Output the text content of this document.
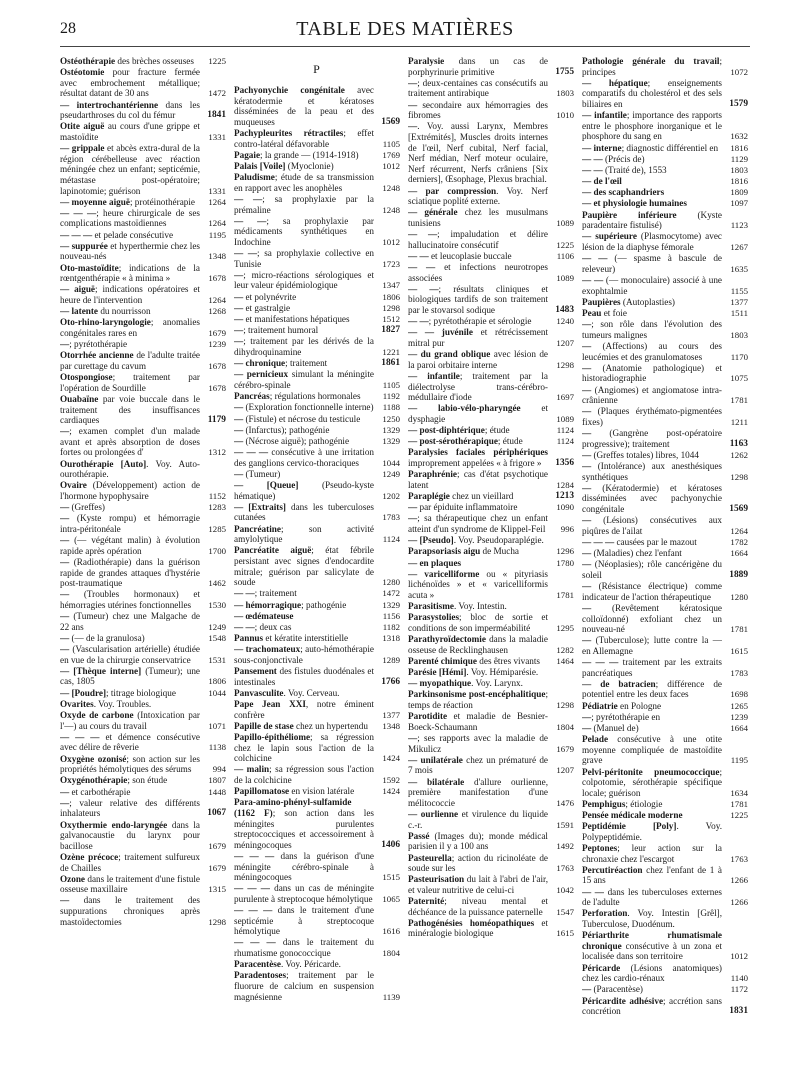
28	TABLE DES MATIÈRES
Ostéothérapie des brèches osseuses 1225
Ostéotomie pour fracture fermée avec embrochement métallique; résultat datant de 30 ans	1472
— intertrochantérienne dans les pseudarthroses du col du fémur	1841
Otite aiguë au cours d'une grippe et mastoïdite	1331
— grippale et abcès extra-dural de la région cérébelleuse avec réaction méningée chez un enfant; septicémie, métastase post-opératoire; lapinotomie; guérison	1331
— moyenne aiguë; protéinothérapie 1264
— — —; heure chirurgicale de ses complications mastoïdiennes	1264
— — — et pelade consécutive	1195
— suppurée et hyperthermie chez les nouveau-nés	1348
Oto-mastoïdite; indications de la rœntgenthérapie « à minima »	1678
— aiguë; indications opératoires et heure de l'intervention	1264
— latente du nourrisson	1268
Oto-rhino-laryngologie; anomalies congénitales rares en	1679
—; pyrétothérapie	1239
Otorrhée ancienne de l'adulte traitée par curettage du cavum	1678
Otospongiose; traitement par l'opération de Sourdille	1678
Ouabaïne par voie buccale dans le traitement des insuffisances cardiaques	1179
—; examen complet d'un malade avant et après absorption de doses fortes ou prolongées d'	1312
Ourothérapie [Auto]. Voy. Auto-ourothérapie.
Ovaire (Développement) action de l'hormone hypophysaire	1152
— (Greffes)	1283
— (Kyste rompu) et hémorragie intra-péritonéale	1285
— (— végétant malin) à évolution rapide après opération	1700
— (Radiothérapie) dans la guérison rapide de grandes attaques d'hystérie post-traumatique	1462
— (Troubles hormonaux) et hémorragies utérines fonctionnelles 1530
— (Tumeur) chez une Malgache de 22 ans	1249
— (— de la granulosa)	1548
— (Vascularisation artérielle) étudiée en vue de la chirurgie conservatrice 1531
— [Thèque interne] (Tumeur); une cas, 1805	1806
— [Poudre]; titrage biologique	1044
Ovarites. Voy. Troubles.
Oxyde de carbone (Intoxication par l'—) au cours du travail	1071
— — — et démence consécutive avec délire de rêverie	1138
Oxygène ozonisé; son action sur les propriétés hémolytiques des sérums 994
Oxygénothérapie; son étude	1807
— et carbothérapie	1448
—; valeur relative des différents inhalateurs	1067
Oxythermie endo-laryngée dans la galvanocaustie du larynx pour bacillose	1679
Ozène précoce; traitement sulfureux de Chailles	1679
Ozone dans le traitement d'une fistule osseuse maxillaire	1315
— dans le traitement des suppurations chroniques après mastoïdectomies	1298
P
Pachyonychie congénitale avec kératodermie et kératoses disséminées de la peau et des muqueuses	1569
Pachypleurites rétractiles; effet contro-latéral défavorable	1105
Pagaie; la grande — (1914-1918)	1769
Palais [Voile] (Myoclonie)	1012
Paludisme; étude de sa transmission en rapport avec les anophèles	1248
— —; sa prophylaxie par la prémaline	1248
— —; sa prophylaxie par médicaments synthétiques en Indochine	1012
— —; sa prophylaxie collective en Tunisie	1723
—; micro-réactions sérologiques et leur valeur épidémiologique	1347
— et polynévrite	1806
— et gastralgie	1298
— et manifestations hépatiques	1512
—; traitement humoral	1827
—; traitement par les dérivés de la dihydroquinamine	1221
— chronique; traitement	1861
— pernicieux simulant la méningite cérébro-spinale	1105
Pancréas; régulations hormonales	1192
— (Exploration fonctionnelle interne) 1188
— (Fistule) et nécrose du testicule	1250
— (Infarctus); pathogénie	1329
— (Nécrose aiguë); pathogénie	1329
— — — consécutive à une irritation des ganglions cervico-thoraciques	1044
— (Tumeur)	1249
— [Queue] (Pseudo-kyste hématique)	1202
— [Extraits] dans les tuberculoses cutanées	1783
Pancréatine; son activité amylolytique	1124
Pancréatite aiguë; état fébrile persistant avec signes d'endocardite mitrale; guérison par salicylate de soude	1280
— —; traitement	1472
— hémorragique; pathogénie	1329
— œdémateuse	1156
— —; deux cas	1182
Pannus et kératite interstitielle	1318
— trachomateux; auto-hémothérapie sous-conjonctivale	1289
Pansement des fistules duodénales et intestinales	1766
Panvasculite. Voy. Cerveau.
Pape Jean XXI, notre éminent confrère	1377
Papille de stase chez un hypertendu 1348
Papillo-épithéliome; sa régression chez le lapin sous l'action de la colchicine	1424
— malin; sa régression sous l'action de la colchicine	1592
Papillomatose en vision latérale	1424
Para-amino-phényl-sulfamide (1162 F); son action dans les méningites purulentes streptococciques et accessoirement à méningocoques	1406
— — — dans la guérison d'une méningite cérébro-spinale à méningocoques	1515
— — — dans un cas de méningite purulente à streptocoque hémolytique 1065
— — — dans le traitement d'une septicémie à streptocoque hémolytique	1616
— — — dans le traitement du rhumatisme gonococcique	1804
Paracentèse. Voy. Péricarde.
Paradentoses; traitement par le fluorure de calcium en suspension magnésienne	1139
Paralysie dans un cas de porphyrinurie primitive	1755
—; deux-centaines cas consécutifs au traitement antirabique	1803
— secondaire aux hémorragies des fibromes	1010
—. Voy. aussi Larynx, Membres [Extrémités], Muscles droits internes de l'œil, Nerf cubital, Nerf facial, Nerf médian, Nerf moteur oculaire, Nerf récurrent, Nerfs crâniens [Six derniers], Œsophage, Plexus brachial.
— par compression. Voy. Nerf sciatique poplité externe.
— générale chez les musulmans tunisiens	1089
— —; impaludation et délire hallucinatoire consécutif	1225
— — et leucoplasie buccale	1106
— — et infections neurotropes associées	1089
— —; résultats cliniques et biologiques tardifs de son traitement par le stovarsol sodique	1483
— —; pyrétothérapie et sérologie	1240
— — juvénile et rétrécissement mitral pur	1207
— du grand oblique avec lésion de la paroi orbitaire interne	1298
— infantile; traitement par la diélectrolyse trans-cérébro-médullaire d'iode	1697
— labio-vélo-pharyngée et dysphagie	1089
— post-diphtérique; étude	1124
— post-sérothérapique; étude	1124
Paralysies faciales périphériques improprement appelées « à frigore » 1356
Paraphrénie; cas d'état psychotique latent	1284
Paraplégie chez un vieillard	1213
— par épiduite inflammatoire	1090
—; sa thérapeutique chez un enfant atteint d'un syndrome de Klippel-Feil 996
— [Pseudo]. Voy. Pseudoparaplégie.
Parapsoriasis aigu de Mucha	1296
— en plaques	1780
— varicelliforme ou « pityriasis lichénoïdes » et « varicelliformis acuta »	1781
Parasitisme. Voy. Intestin.
Parasystolies; bloc de sortie et conditions de son imperméabilité	1295
Parathyroïdectomie dans la maladie osseuse de Recklinghausen	1282
Parenté chimique des êtres vivants 1464
Parésie [Hémi]. Voy. Hémiparésie.
— myopathique. Voy. Larynx.
Parkinsonisme post-encéphalitique; temps de réaction	1298
Parotidite et maladie de Besnier-Boeck-Schaumann	1804
—; ses rapports avec la maladie de Mikulicz	1679
— unilatérale chez un prématuré de 7 mois	1207
— bilatérale d'allure ourlienne, première manifestation d'une mélitococcie	1476
— ourlienne et virulence du liquide c.-r.	1591
Passé (Images du); monde médical parisien il y a 100 ans	1492
Pasteurella; action du ricinoléate de soude sur les	1763
Pasteurisation du lait à l'abri de l'air, et valeur nutritive de celui-ci	1042
Paternité; niveau mental et déchéance de la puissance paternelle 1547
Pathogénésies homéopathiques et minéralogie biologique	1615
Pathologie générale du travail; principes	1072
— hépatique; enseignements comparatifs du cholestérol et des sels biliaires en	1579
— infantile; importance des rapports entre le phosphore inorganique et le phosphore du sang en	1632
— interne; diagnostic différentiel en 1816
— — (Précis de)	1129
— — (Traité de), 1553	1803
— de l'œil	1816
— des scaphandriers	1809
— et physiologie humaines	1097
Paupière inférieure (Kyste paradentaire fistulisé)	1123
— supérieure (Plasmocytome) avec lésion de la diaphyse fémorale	1267
— — (— spasme à bascule de releveur)	1635
— — (— monoculaire) associé à une exophtalmie	1155
Paupières (Autoplasties)	1377
Peau et foie	1511
—; son rôle dans l'évolution des tumeurs malignes	1803
— (Affections) au cours des leucémies et des granulomatoses	1170
— (Anatomie pathologique) et historadiographie	1075
— (Angiomes) et angiomatose intra-crânienne	1781
— (Plaques érythémato-pigmentées fixes)	1211
— (Gangrène post-opératoire progressive); traitement	1163
— (Greffes totales) libres, 1044	1262
— (Intolérance) aux anesthésiques synthétiques	1298
— (Kératodermie) et kératoses disséminées avec pachyonychie congénitale	1569
— (Lésions) consécutives aux piqûres de l'ailat	1264
— — — causées par le mazout	1782
— (Maladies) chez l'enfant	1664
— (Néoplasies); rôle cancérigène du soleil	1889
— (Résistance électrique) comme indicateur de l'action thérapeutique 1280
— (Revêtement kératosique colloïdonné) exfoliant chez un nouveau-né	1781
— (Tuberculose); lutte contre la — en Allemagne	1615
— — — traitement par les extraits pancréatiques	1783
— de batracien; différence de potentiel entre les deux faces	1698
Pédiatrie en Pologne	1265
—; pyrétothérapie en	1239
— (Manuel de)	1664
Pelade consécutive à une otite moyenne compliquée de mastoïdite grave	1195
Pelvi-péritonite pneumococcique; colpotomie, sérothérapie spécifique locale; guérison	1634
Pemphigus; étiologie	1781
Pensée médicale moderne	1225
Peptidémie [Poly]. Voy. Polypeptidémie.
Peptones; leur action sur la chronaxie chez l'escargot	1763
Percutiréaction chez l'enfant de 1 à 15 ans	1266
— — dans les tuberculoses externes de l'adulte	1266
Perforation. Voy. Intestin [Grêl], Tuberculose, Duodénum.
Périarthrite rhumatismale chronique consécutive à un zona et localisée dans son territoire	1012
Péricarde (Lésions anatomiques) chez les cardio-rénaux	1140
— (Paracentèse)	1172
Péricardite adhésive; accrétion sans concrétion	1831
